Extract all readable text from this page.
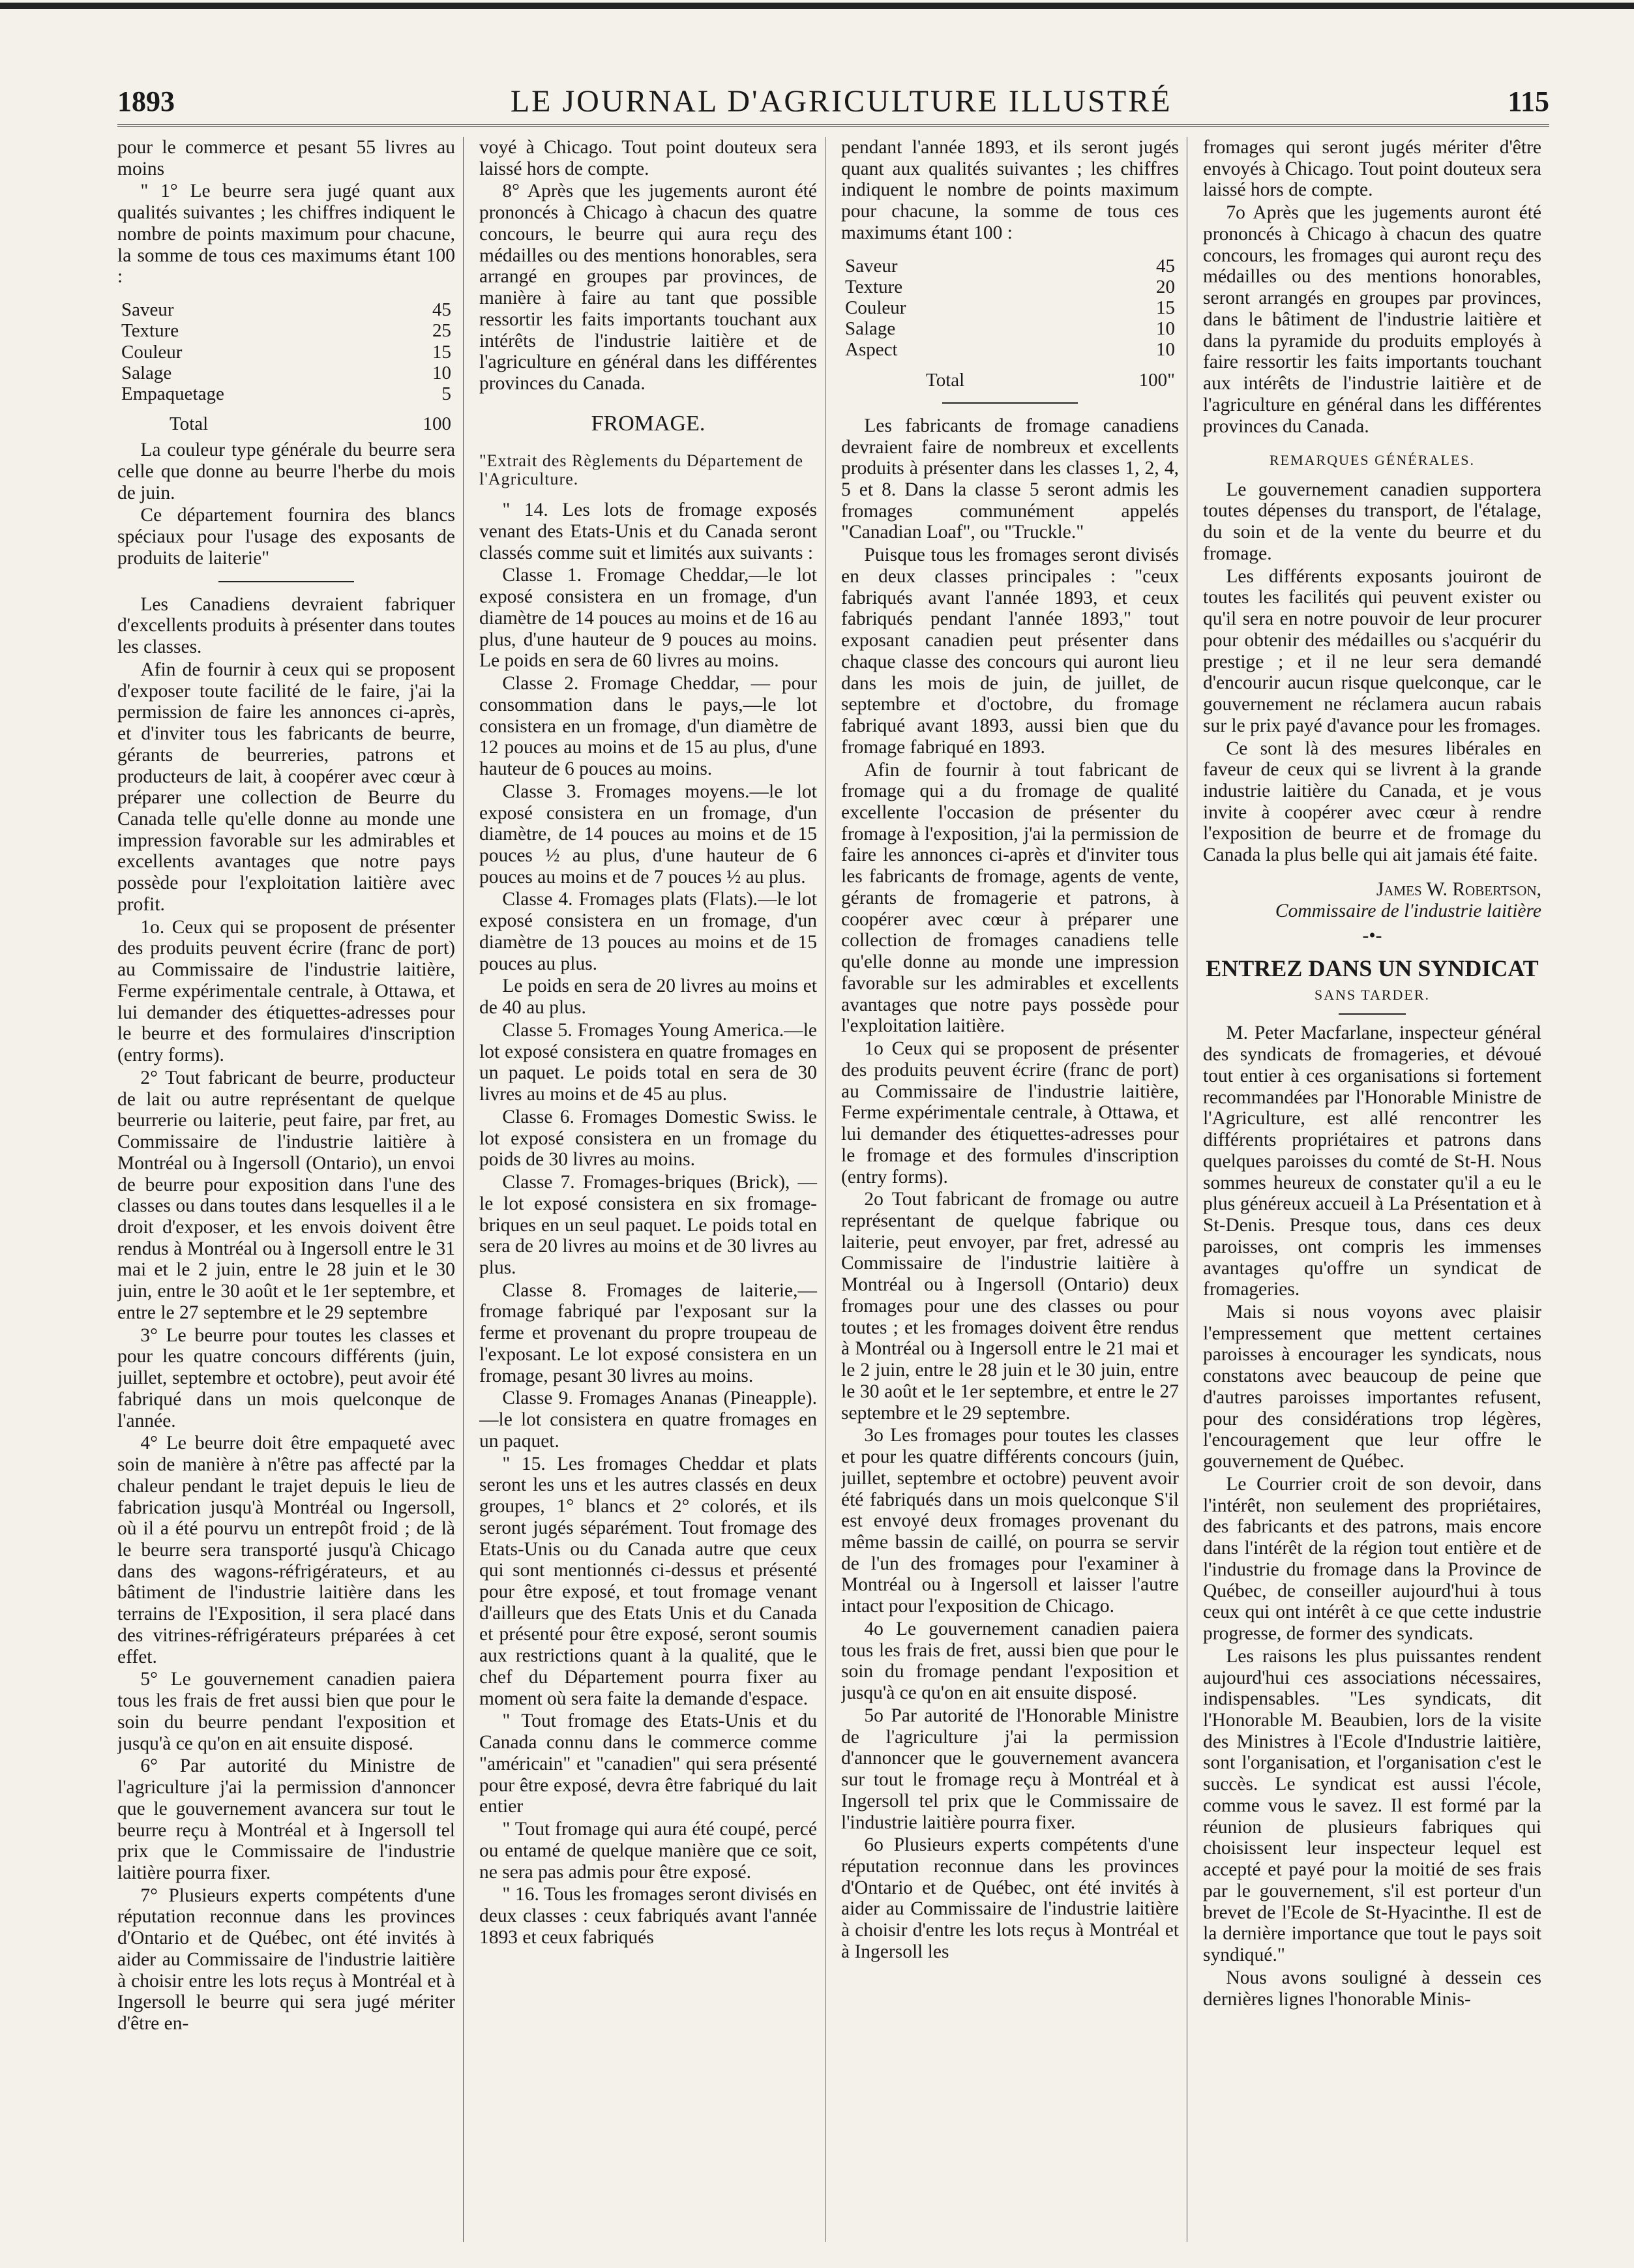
1893	LE JOURNAL D'AGRICULTURE ILLUSTRÉ	115

pour le commerce et pesant 55 livres au moins

" 1° Le beurre sera jugé quant aux qualités suivantes ; les chiffres indiquent le nombre de points maximum pour chacune, la somme de tous ces maximums étant 100 :

Saveur	45
Texture	25
Couleur	15
Salage	10
Empaquetage	5
Total	100

La couleur type générale du beurre sera celle que donne au beurre l'herbe du mois de juin.

Ce département fournira des blancs spéciaux pour l'usage des exposants de produits de laiterie"

Les Canadiens devraient fabriquer d'excellents produits à présenter dans toutes les classes.

Afin de fournir à ceux qui se proposent d'exposer toute facilité de le faire, j'ai la permission de faire les annonces ci-après, et d'inviter tous les fabricants de beurre, gérants de beurreries, patrons et producteurs de lait, à coopérer avec cœur à préparer une collection de Beurre du Canada telle qu'elle donne au monde une impression favorable sur les admirables et excellents avantages que notre pays possède pour l'exploitation laitière avec profit.

1o. Ceux qui se proposent de présenter des produits peuvent écrire (franc de port) au Commissaire de l'industrie laitière, Ferme expérimentale centrale, à Ottawa, et lui demander des étiquettes-adresses pour le beurre et des formulaires d'inscription (entry forms).

2° Tout fabricant de beurre, producteur de lait ou autre représentant de quelque beurrerie ou laiterie, peut faire, par fret, au Commissaire de l'industrie laitière à Montréal ou à Ingersoll (Ontario), un envoi de beurre pour exposition dans l'une des classes ou dans toutes dans lesquelles il a le droit d'exposer, et les envois doivent être rendus à Montréal ou à Ingersoll entre le 31 mai et le 2 juin, entre le 28 juin et le 30 juin, entre le 30 août et le 1er septembre, et entre le 27 septembre et le 29 septembre

3° Le beurre pour toutes les classes et pour les quatre concours différents (juin, juillet, septembre et octobre), peut avoir été fabriqué dans un mois quelconque de l'année.

4° Le beurre doit être empaqueté avec soin de manière à n'être pas affecté par la chaleur pendant le trajet depuis le lieu de fabrication jusqu'à Montréal ou Ingersoll, où il a été pourvu un entrepôt froid ; de là le beurre sera transporté jusqu'à Chicago dans des wagons-réfrigérateurs, et au bâtiment de l'industrie laitière dans les terrains de l'Exposition, il sera placé dans des vitrines-réfrigérateurs préparées à cet effet.

5° Le gouvernement canadien paiera tous les frais de fret aussi bien que pour le soin du beurre pendant l'exposition et jusqu'à ce qu'on en ait ensuite disposé.

6° Par autorité du Ministre de l'agriculture j'ai la permission d'annoncer que le gouvernement avancera sur tout le beurre reçu à Montréal et à Ingersoll tel prix que le Commissaire de l'industrie laitière pourra fixer.

7° Plusieurs experts compétents d'une réputation reconnue dans les provinces d'Ontario et de Québec, ont été invités à aider au Commissaire de l'industrie laitière à choisir entre les lots reçus à Montréal et à Ingersoll le beurre qui sera jugé mériter d'être en-

voyé à Chicago. Tout point douteux sera laissé hors de compte.

8° Après que les jugements auront été prononcés à Chicago à chacun des quatre concours, le beurre qui aura reçu des médailles ou des mentions honorables, sera arrangé en groupes par provinces, de manière à faire au tant que possible ressortir les faits importants touchant aux intérêts de l'industrie laitière et de l'agriculture en général dans les différentes provinces du Canada.

FROMAGE.
"Extrait des Règlements du Département de l'Agriculture.

" 14. Les lots de fromage exposés venant des Etats-Unis et du Canada seront classés comme suit et limités aux suivants :

Classe 1. Fromage Cheddar,—le lot exposé consistera en un fromage, d'un diamètre de 14 pouces au moins et de 16 au plus, d'une hauteur de 9 pouces au moins. Le poids en sera de 60 livres au moins.

Classe 2. Fromage Cheddar, — pour consommation dans le pays,—le lot consistera en un fromage, d'un diamètre de 12 pouces au moins et de 15 au plus, d'une hauteur de 6 pouces au moins.

Classe 3. Fromages moyens.—le lot exposé consistera en un fromage, d'un diamètre, de 14 pouces au moins et de 15 pouces ½ au plus, d'une hauteur de 6 pouces au moins et de 7 pouces ½ au plus.

Classe 4. Fromages plats (Flats).—le lot exposé consistera en un fromage, d'un diamètre de 13 pouces au moins et de 15 pouces au plus.

Le poids en sera de 20 livres au moins et de 40 au plus.

Classe 5. Fromages Young America.—le lot exposé consistera en quatre fromages en un paquet. Le poids total en sera de 30 livres au moins et de 45 au plus.

Classe 6. Fromages Domestic Swiss. le lot exposé consistera en un fromage du poids de 30 livres au moins.

Classe 7. Fromages-briques (Brick), —le lot exposé consistera en six fromage-briques en un seul paquet. Le poids total en sera de 20 livres au moins et de 30 livres au plus.

Classe 8. Fromages de laiterie,—fromage fabriqué par l'exposant sur la ferme et provenant du propre troupeau de l'exposant. Le lot exposé consistera en un fromage, pesant 30 livres au moins.

Classe 9. Fromages Ananas (Pineapple).—le lot consistera en quatre fromages en un paquet.

" 15. Les fromages Cheddar et plats seront les uns et les autres classés en deux groupes, 1° blancs et 2° colorés, et ils seront jugés séparément. Tout fromage des Etats-Unis ou du Canada autre que ceux qui sont mentionnés ci-dessus et présenté pour être exposé, et tout fromage venant d'ailleurs que des Etats Unis et du Canada et présenté pour être exposé, seront soumis aux restrictions quant à la qualité, que le chef du Département pourra fixer au moment où sera faite la demande d'espace.

" Tout fromage des Etats-Unis et du Canada connu dans le commerce comme "américain" et "canadien" qui sera présenté pour être exposé, devra être fabriqué du lait entier

" Tout fromage qui aura été coupé, percé ou entamé de quelque manière que ce soit, ne sera pas admis pour être exposé.

" 16. Tous les fromages seront divisés en deux classes : ceux fabriqués avant l'année 1893 et ceux fabriqués

pendant l'année 1893, et ils seront jugés quant aux qualités suivantes ; les chiffres indiquent le nombre de points maximum pour chacune, la somme de tous ces maximums étant 100 :

Saveur	45
Texture	20
Couleur	15
Salage	10
Aspect	10
Total	100"

Les fabricants de fromage canadiens devraient faire de nombreux et excellents produits à présenter dans les classes 1, 2, 4, 5 et 8. Dans la classe 5 seront admis les fromages communément appelés "Canadian Loaf", ou "Truckle."

Puisque tous les fromages seront divisés en deux classes principales : "ceux fabriqués avant l'année 1893, et ceux fabriqués pendant l'année 1893," tout exposant canadien peut présenter dans chaque classe des concours qui auront lieu dans les mois de juin, de juillet, de septembre et d'octobre, du fromage fabriqué avant 1893, aussi bien que du fromage fabriqué en 1893.

Afin de fournir à tout fabricant de fromage qui a du fromage de qualité excellente l'occasion de présenter du fromage à l'exposition, j'ai la permission de faire les annonces ci-après et d'inviter tous les fabricants de fromage, agents de vente, gérants de fromagerie et patrons, à coopérer avec cœur à préparer une collection de fromages canadiens telle qu'elle donne au monde une impression favorable sur les admirables et excellents avantages que notre pays possède pour l'exploitation laitière.

1o Ceux qui se proposent de présenter des produits peuvent écrire (franc de port) au Commissaire de l'industrie laitière, Ferme expérimentale centrale, à Ottawa, et lui demander des étiquettes-adresses pour le fromage et des formules d'inscription (entry forms).

2o Tout fabricant de fromage ou autre représentant de quelque fabrique ou laiterie, peut envoyer, par fret, adressé au Commissaire de l'industrie laitière à Montréal ou à Ingersoll (Ontario) deux fromages pour une des classes ou pour toutes ; et les fromages doivent être rendus à Montréal ou à Ingersoll entre le 21 mai et le 2 juin, entre le 28 juin et le 30 juin, entre le 30 août et le 1er septembre, et entre le 27 septembre et le 29 septembre.

3o Les fromages pour toutes les classes et pour les quatre différents concours (juin, juillet, septembre et octobre) peuvent avoir été fabriqués dans un mois quelconque S'il est envoyé deux fromages provenant du même bassin de caillé, on pourra se servir de l'un des fromages pour l'examiner à Montréal ou à Ingersoll et laisser l'autre intact pour l'exposition de Chicago.

4o Le gouvernement canadien paiera tous les frais de fret, aussi bien que pour le soin du fromage pendant l'exposition et jusqu'à ce qu'on en ait ensuite disposé.

5o Par autorité de l'Honorable Ministre de l'agriculture j'ai la permission d'annoncer que le gouvernement avancera sur tout le fromage reçu à Montréal et à Ingersoll tel prix que le Commissaire de l'industrie laitière pourra fixer.

6o Plusieurs experts compétents d'une réputation reconnue dans les provinces d'Ontario et de Québec, ont été invités à aider au Commissaire de l'industrie laitière à choisir d'entre les lots reçus à Montréal et à Ingersoll les

fromages qui seront jugés mériter d'être envoyés à Chicago. Tout point douteux sera laissé hors de compte.

7o Après que les jugements auront été prononcés à Chicago à chacun des quatre concours, les fromages qui auront reçu des médailles ou des mentions honorables, seront arrangés en groupes par provinces, dans le bâtiment de l'industrie laitière et dans la pyramide du produits employés à faire ressortir les faits importants touchant aux intérêts de l'industrie laitière et de l'agriculture en général dans les différentes provinces du Canada.

REMARQUES GÉNÉRALES.

Le gouvernement canadien supportera toutes dépenses du transport, de l'étalage, du soin et de la vente du beurre et du fromage.

Les différents exposants jouiront de toutes les facilités qui peuvent exister ou qu'il sera en notre pouvoir de leur procurer pour obtenir des médailles ou s'acquérir du prestige ; et il ne leur sera demandé d'encourir aucun risque quelconque, car le gouvernement ne réclamera aucun rabais sur le prix payé d'avance pour les fromages.

Ce sont là des mesures libérales en faveur de ceux qui se livrent à la grande industrie laitière du Canada, et je vous invite à coopérer avec cœur à rendre l'exposition de beurre et de fromage du Canada la plus belle qui ait jamais été faite.

James W. Robertson,
Commissaire de l'industrie laitière
-•-
ENTREZ DANS UN SYNDICAT
SANS TARDER.

M. Peter Macfarlane, inspecteur général des syndicats de fromageries, et dévoué tout entier à ces organisations si fortement recommandées par l'Honorable Ministre de l'Agriculture, est allé rencontrer les différents propriétaires et patrons dans quelques paroisses du comté de St-H. Nous sommes heureux de constater qu'il a eu le plus généreux accueil à La Présentation et à St-Denis. Presque tous, dans ces deux paroisses, ont compris les immenses avantages qu'offre un syndicat de fromageries.

Mais si nous voyons avec plaisir l'empressement que mettent certaines paroisses à encourager les syndicats, nous constatons avec beaucoup de peine que d'autres paroisses importantes refusent, pour des considérations trop légères, l'encouragement que leur offre le gouvernement de Québec.

Le Courrier croit de son devoir, dans l'intérêt, non seulement des propriétaires, des fabricants et des patrons, mais encore dans l'intérêt de la région tout entière et de l'industrie du fromage dans la Province de Québec, de conseiller aujourd'hui à tous ceux qui ont intérêt à ce que cette industrie progresse, de former des syndicats.

Les raisons les plus puissantes rendent aujourd'hui ces associations nécessaires, indispensables. "Les syndicats, dit l'Honorable M. Beaubien, lors de la visite des Ministres à l'Ecole d'Industrie laitière, sont l'organisation, et l'organisation c'est le succès. Le syndicat est aussi l'école, comme vous le savez. Il est formé par la réunion de plusieurs fabriques qui choisissent leur inspecteur lequel est accepté et payé pour la moitié de ses frais par le gouvernement, s'il est porteur d'un brevet de l'Ecole de St-Hyacinthe. Il est de la dernière importance que tout le pays soit syndiqué."

Nous avons souligné à dessein ces dernières lignes l'honorable Minis-
